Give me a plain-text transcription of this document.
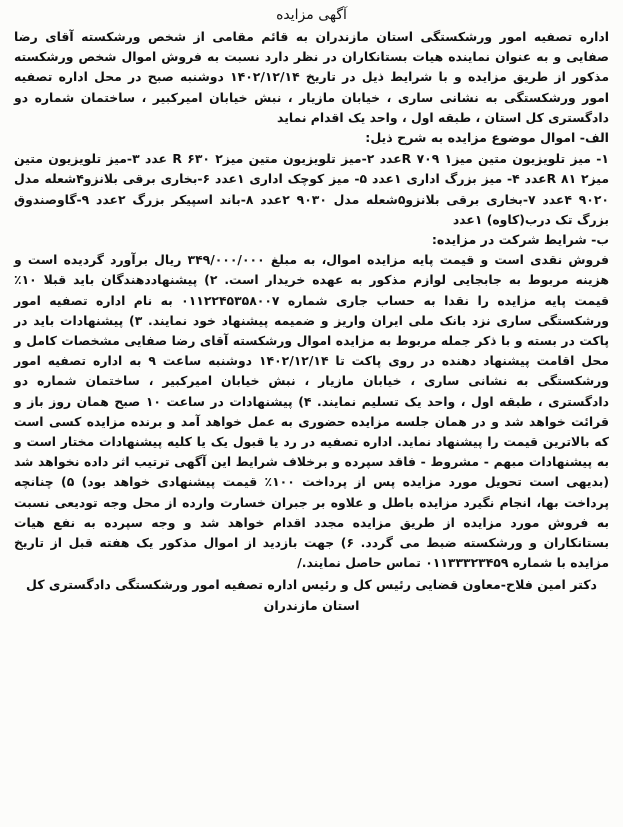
آگهی مزایده

اداره تصفیه امور ورشکستگی استان مازندران به قائم مقامی از شخص ورشکسته آقای رضا صفایی و به عنوان نماینده هیات بستانکاران در نظر دارد نسبت به فروش اموال شخص ورشکسته مذکور از طریق مزایده و با شرایط ذیل در تاریخ ۱۴۰۲/۱۲/۱۴ دوشنبه صبح در محل اداره تصفیه امور ورشکستگی به نشانی ساری ، خیابان مازیار ، نبش خیابان امیرکبیر ، ساختمان شماره دو دادگستری کل استان ، طبقه اول ، واحد یک اقدام نماید

الف- اموال موضوع مزایده به شرح ذیل:

۱- میز تلویزیون متین میزR ۷۰۹ ۱عدد ۲-میز تلویزیون متین میزR ۶۳۰ ۲ عدد ۳-میز تلویزیون متین میزR ۸۱ ۲عدد ۴- میز بزرگ اداری ۱عدد ۵- میز کوچک اداری ۱عدد ۶-بخاری برقی بلانزو۴شعله مدل ۹۰۲۰ ۴عدد ۷-بخاری برقی بلانزو۵شعله مدل ۹۰۳۰ ۲عدد ۸-باند اسپیکر بزرگ ۲عدد ۹-گاوصندوق بزرگ تک درب(کاوه) ۱عدد

ب- شرایط شرکت در مزایده:

فروش نقدی است و قیمت پایه مزایده اموال، به مبلغ ۳۴۹/۰۰۰/۰۰۰ ریال برآورد گردیده است و هزینه مربوط به جابجایی لوازم مذکور به عهده خریدار است. ۲) پیشنهاددهندگان باید قبلا ۱۰٪ قیمت پایه مزایده را نقدا به حساب جاری شماره ۰۱۱۲۲۴۵۳۵۸۰۰۷ به نام اداره تصفیه امور ورشکستگی ساری نزد بانک ملی ایران واریز و ضمیمه پیشنهاد خود نمایند. ۳) پیشنهادات باید در پاکت در بسته و با ذکر جمله مربوط به مزایده اموال ورشکسته آقای رضا صفایی مشخصات کامل و محل اقامت پیشنهاد دهنده در روی پاکت تا ۱۴۰۲/۱۲/۱۴ دوشنبه ساعت ۹ به اداره تصفیه امور ورشکستگی به نشانی ساری ، خیابان مازیار ، نبش خیابان امیرکبیر ، ساختمان شماره دو دادگستری ، طبقه اول ، واحد یک تسلیم نمایند. ۴) پیشنهادات در ساعت ۱۰ صبح همان روز باز و قرائت خواهد شد و در همان جلسه مزایده حضوری به عمل خواهد آمد و برنده مزایده کسی است که بالاترین قیمت را پیشنهاد نماید. اداره تصفیه در رد یا قبول یک یا کلیه پیشنهادات مختار است و به پیشنهادات مبهم - مشروط - فاقد سپرده و برخلاف شرایط این آگهی ترتیب اثر داده نخواهد شد (بدیهی است تحویل مورد مزایده پس از پرداخت ۱۰۰٪ قیمت پیشنهادی خواهد بود) ۵) چنانچه پرداخت بها، انجام نگیرد مزایده باطل و علاوه بر جبران خسارت وارده از محل وجه تودیعی نسبت به فروش مورد مزایده از طریق مزایده مجدد اقدام خواهد شد و وجه سپرده به نفع هیات بستانکاران و ورشکسته ضبط می گردد. ۶) جهت بازدید از اموال مذکور یک هفته قبل از تاریخ مزایده با شماره ۰۱۱۳۳۳۲۳۴۵۹ تماس حاصل نمایند./

دکتر امین فلاح-معاون قضایی رئیس کل و رئیس اداره تصفیه امور ورشکستگی دادگستری کل استان مازندران
